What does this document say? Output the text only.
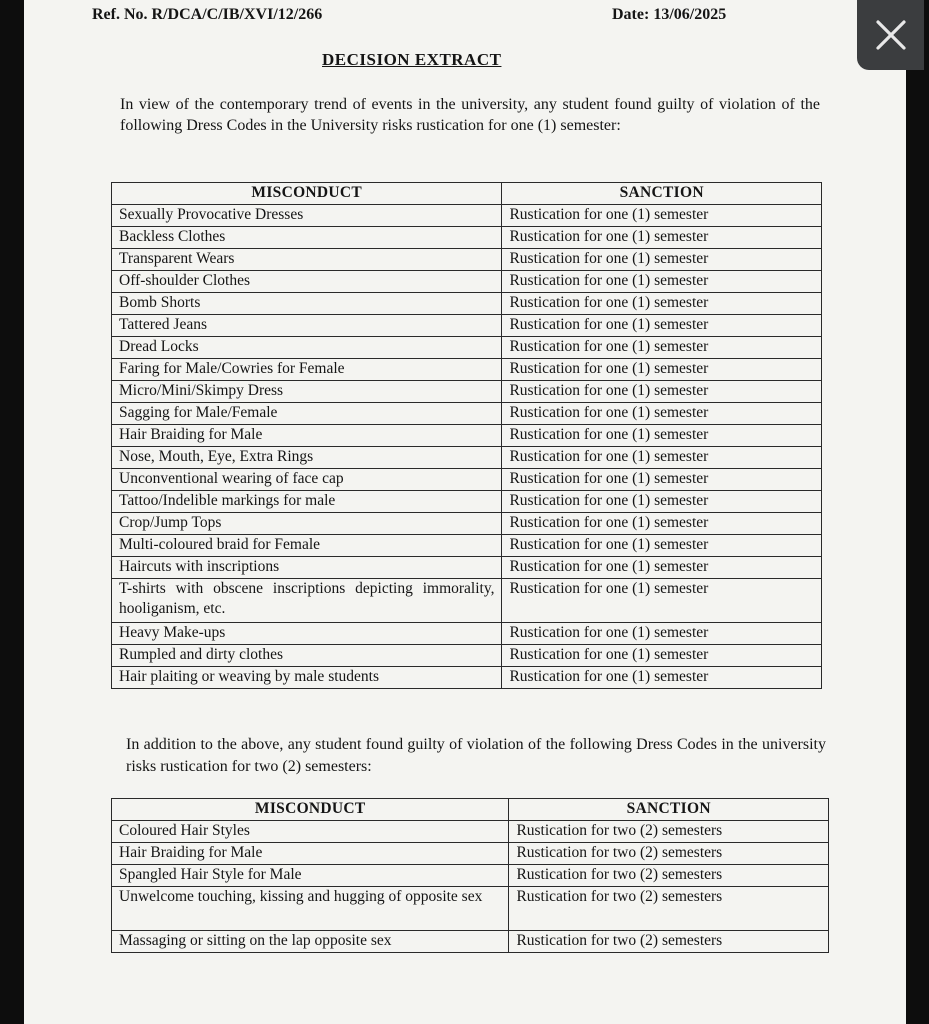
Ref. No. R/DCA/C/IB/XVI/12/266	Date: 13/06/2025
DECISION EXTRACT

In view of the contemporary trend of events in the university, any student found guilty of violation of the following Dress Codes in the University risks rustication for one (1) semester:

MISCONDUCT	SANCTION
Sexually Provocative Dresses	Rustication for one (1) semester
Backless Clothes	Rustication for one (1) semester
Transparent Wears	Rustication for one (1) semester
Off-shoulder Clothes	Rustication for one (1) semester
Bomb Shorts	Rustication for one (1) semester
Tattered Jeans	Rustication for one (1) semester
Dread Locks	Rustication for one (1) semester
Faring for Male/Cowries for Female	Rustication for one (1) semester
Micro/Mini/Skimpy Dress	Rustication for one (1) semester
Sagging for Male/Female	Rustication for one (1) semester
Hair Braiding for Male	Rustication for one (1) semester
Nose, Mouth, Eye, Extra Rings	Rustication for one (1) semester
Unconventional wearing of face cap	Rustication for one (1) semester
Tattoo/Indelible markings for male	Rustication for one (1) semester
Crop/Jump Tops	Rustication for one (1) semester
Multi-coloured braid for Female	Rustication for one (1) semester
Haircuts with inscriptions	Rustication for one (1) semester
T-shirts with obscene inscriptions depicting immorality, hooliganism, etc.	Rustication for one (1) semester
Heavy Make-ups	Rustication for one (1) semester
Rumpled and dirty clothes	Rustication for one (1) semester
Hair plaiting or weaving by male students	Rustication for one (1) semester

In addition to the above, any student found guilty of violation of the following Dress Codes in the university risks rustication for two (2) semesters:

MISCONDUCT	SANCTION
Coloured Hair Styles	Rustication for two (2) semesters
Hair Braiding for Male	Rustication for two (2) semesters
Spangled Hair Style for Male	Rustication for two (2) semesters
Unwelcome touching, kissing and hugging of opposite sex	Rustication for two (2) semesters
Massaging or sitting on the lap opposite sex	Rustication for two (2) semesters
